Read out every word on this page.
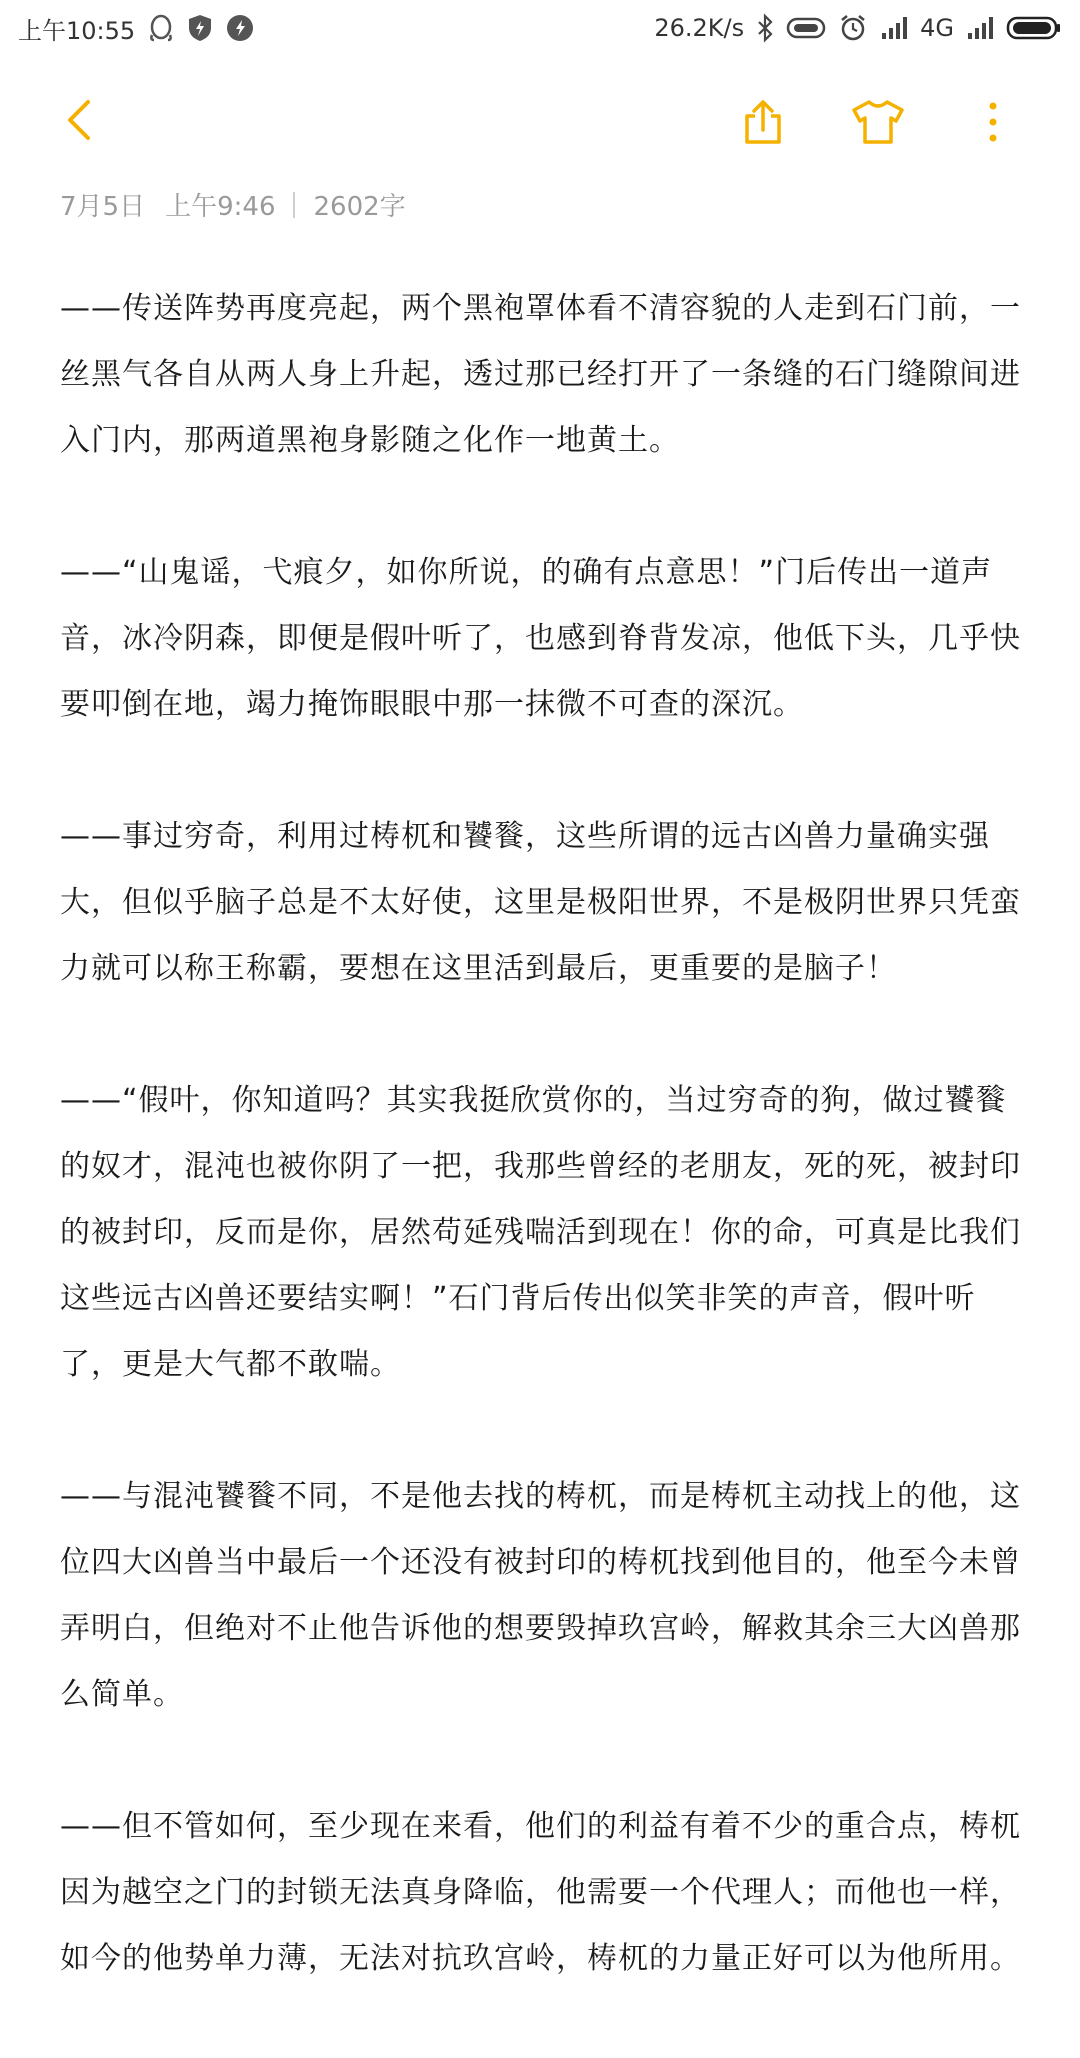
上午10:55	26.2K/s	4G
7月5日 上午9:46 2602字

——传送阵势再度亮起，两个黑袍罩体看不清容貌的人走到石门前，一丝黑气各自从两人身上升起，透过那已经打开了一条缝的石门缝隙间进入门内，那两道黑袍身影随之化作一地黄土。

——“山鬼谣，弋痕夕，如你所说，的确有点意思！”门后传出一道声音，冰冷阴森，即便是假叶听了，也感到脊背发凉，他低下头，几乎快要叩倒在地，竭力掩饰眼眼中那一抹微不可查的深沉。

——事过穷奇，利用过梼杌和饕餮，这些所谓的远古凶兽力量确实强大，但似乎脑子总是不太好使，这里是极阳世界，不是极阴世界只凭蛮力就可以称王称霸，要想在这里活到最后，更重要的是脑子！

——“假叶，你知道吗？其实我挺欣赏你的，当过穷奇的狗，做过饕餮的奴才，混沌也被你阴了一把，我那些曾经的老朋友，死的死，被封印的被封印，反而是你，居然苟延残喘活到现在！你的命，可真是比我们这些远古凶兽还要结实啊！”石门背后传出似笑非笑的声音，假叶听了，更是大气都不敢喘。

——与混沌饕餮不同，不是他去找的梼杌，而是梼杌主动找上的他，这位四大凶兽当中最后一个还没有被封印的梼杌找到他目的，他至今未曾弄明白，但绝对不止他告诉他的想要毁掉玖宫岭，解救其余三大凶兽那么简单。

——但不管如何，至少现在来看，他们的利益有着不少的重合点，梼杌因为越空之门的封锁无法真身降临，他需要一个代理人；而他也一样，如今的他势单力薄，无法对抗玖宫岭，梼杌的力量正好可以为他所用。
